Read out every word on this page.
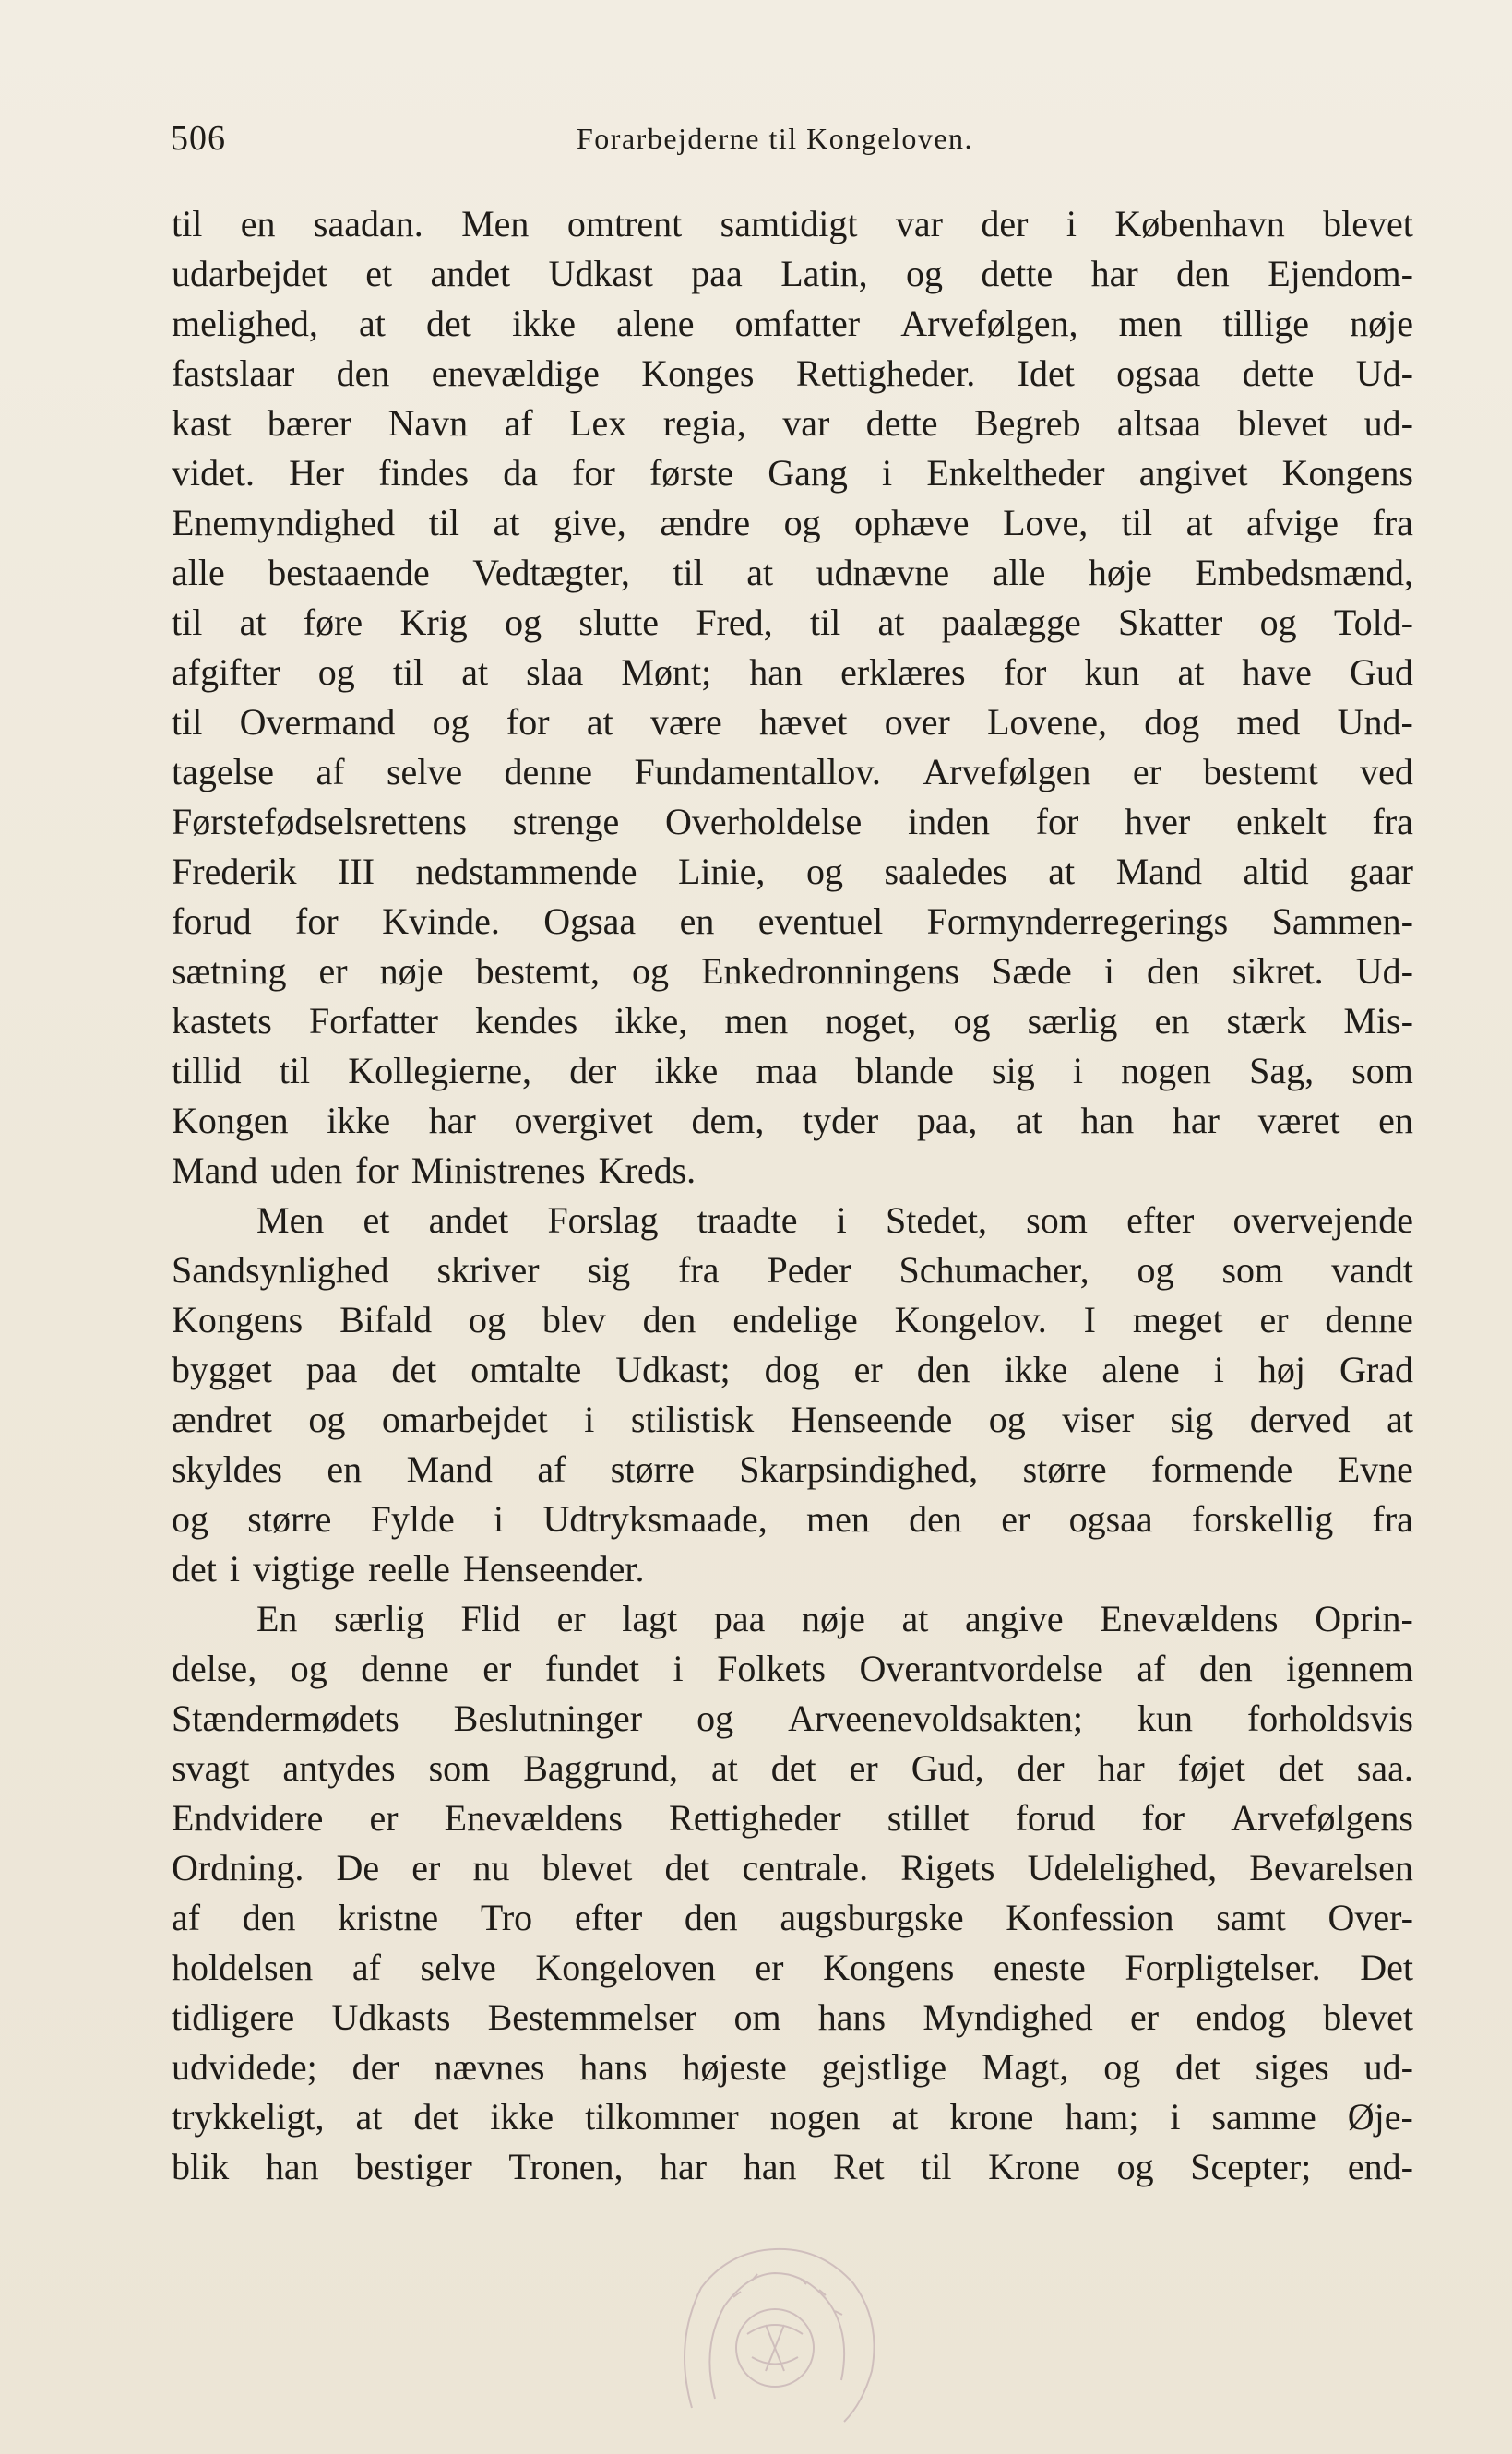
506	Forarbejderne til Kongeloven.
til en saadan. Men omtrent samtidigt var der i København blevet
udarbejdet et andet Udkast paa Latin, og dette har den Ejendom-
melighed, at det ikke alene omfatter Arvefølgen, men tillige nøje
fastslaar den enevældige Konges Rettigheder. Idet ogsaa dette Ud-
kast bærer Navn af Lex regia, var dette Begreb altsaa blevet ud-
videt. Her findes da for første Gang i Enkeltheder angivet Kongens
Enemyndighed til at give, ændre og ophæve Love, til at afvige fra
alle bestaaende Vedtægter, til at udnævne alle høje Embedsmænd,
til at føre Krig og slutte Fred, til at paalægge Skatter og Told-
afgifter og til at slaa Mønt; han erklæres for kun at have Gud
til Overmand og for at være hævet over Lovene, dog med Und-
tagelse af selve denne Fundamentallov. Arvefølgen er bestemt ved
Førstefødselsrettens strenge Overholdelse inden for hver enkelt fra
Frederik III nedstammende Linie, og saaledes at Mand altid gaar
forud for Kvinde. Ogsaa en eventuel Formynderregerings Sammen-
sætning er nøje bestemt, og Enkedronningens Sæde i den sikret. Ud-
kastets Forfatter kendes ikke, men noget, og særlig en stærk Mis-
tillid til Kollegierne, der ikke maa blande sig i nogen Sag, som
Kongen ikke har overgivet dem, tyder paa, at han har været en
Mand uden for Ministrenes Kreds.
Men et andet Forslag traadte i Stedet, som efter overvejende
Sandsynlighed skriver sig fra Peder Schumacher, og som vandt
Kongens Bifald og blev den endelige Kongelov. I meget er denne
bygget paa det omtalte Udkast; dog er den ikke alene i høj Grad
ændret og omarbejdet i stilistisk Henseende og viser sig derved at
skyldes en Mand af større Skarpsindighed, større formende Evne
og større Fylde i Udtryksmaade, men den er ogsaa forskellig fra
det i vigtige reelle Henseender.
En særlig Flid er lagt paa nøje at angive Enevældens Oprin-
delse, og denne er fundet i Folkets Overantvordelse af den igennem
Stændermødets Beslutninger og Arveenevoldsakten; kun forholdsvis
svagt antydes som Baggrund, at det er Gud, der har føjet det saa.
Endvidere er Enevældens Rettigheder stillet forud for Arvefølgens
Ordning. De er nu blevet det centrale. Rigets Udelelighed, Bevarelsen
af den kristne Tro efter den augsburgske Konfession samt Over-
holdelsen af selve Kongeloven er Kongens eneste Forpligtelser. Det
tidligere Udkasts Bestemmelser om hans Myndighed er endog blevet
udvidede; der nævnes hans højeste gejstlige Magt, og det siges ud-
trykkeligt, at det ikke tilkommer nogen at krone ham; i samme Øje-
blik han bestiger Tronen, har han Ret til Krone og Scepter; end-
